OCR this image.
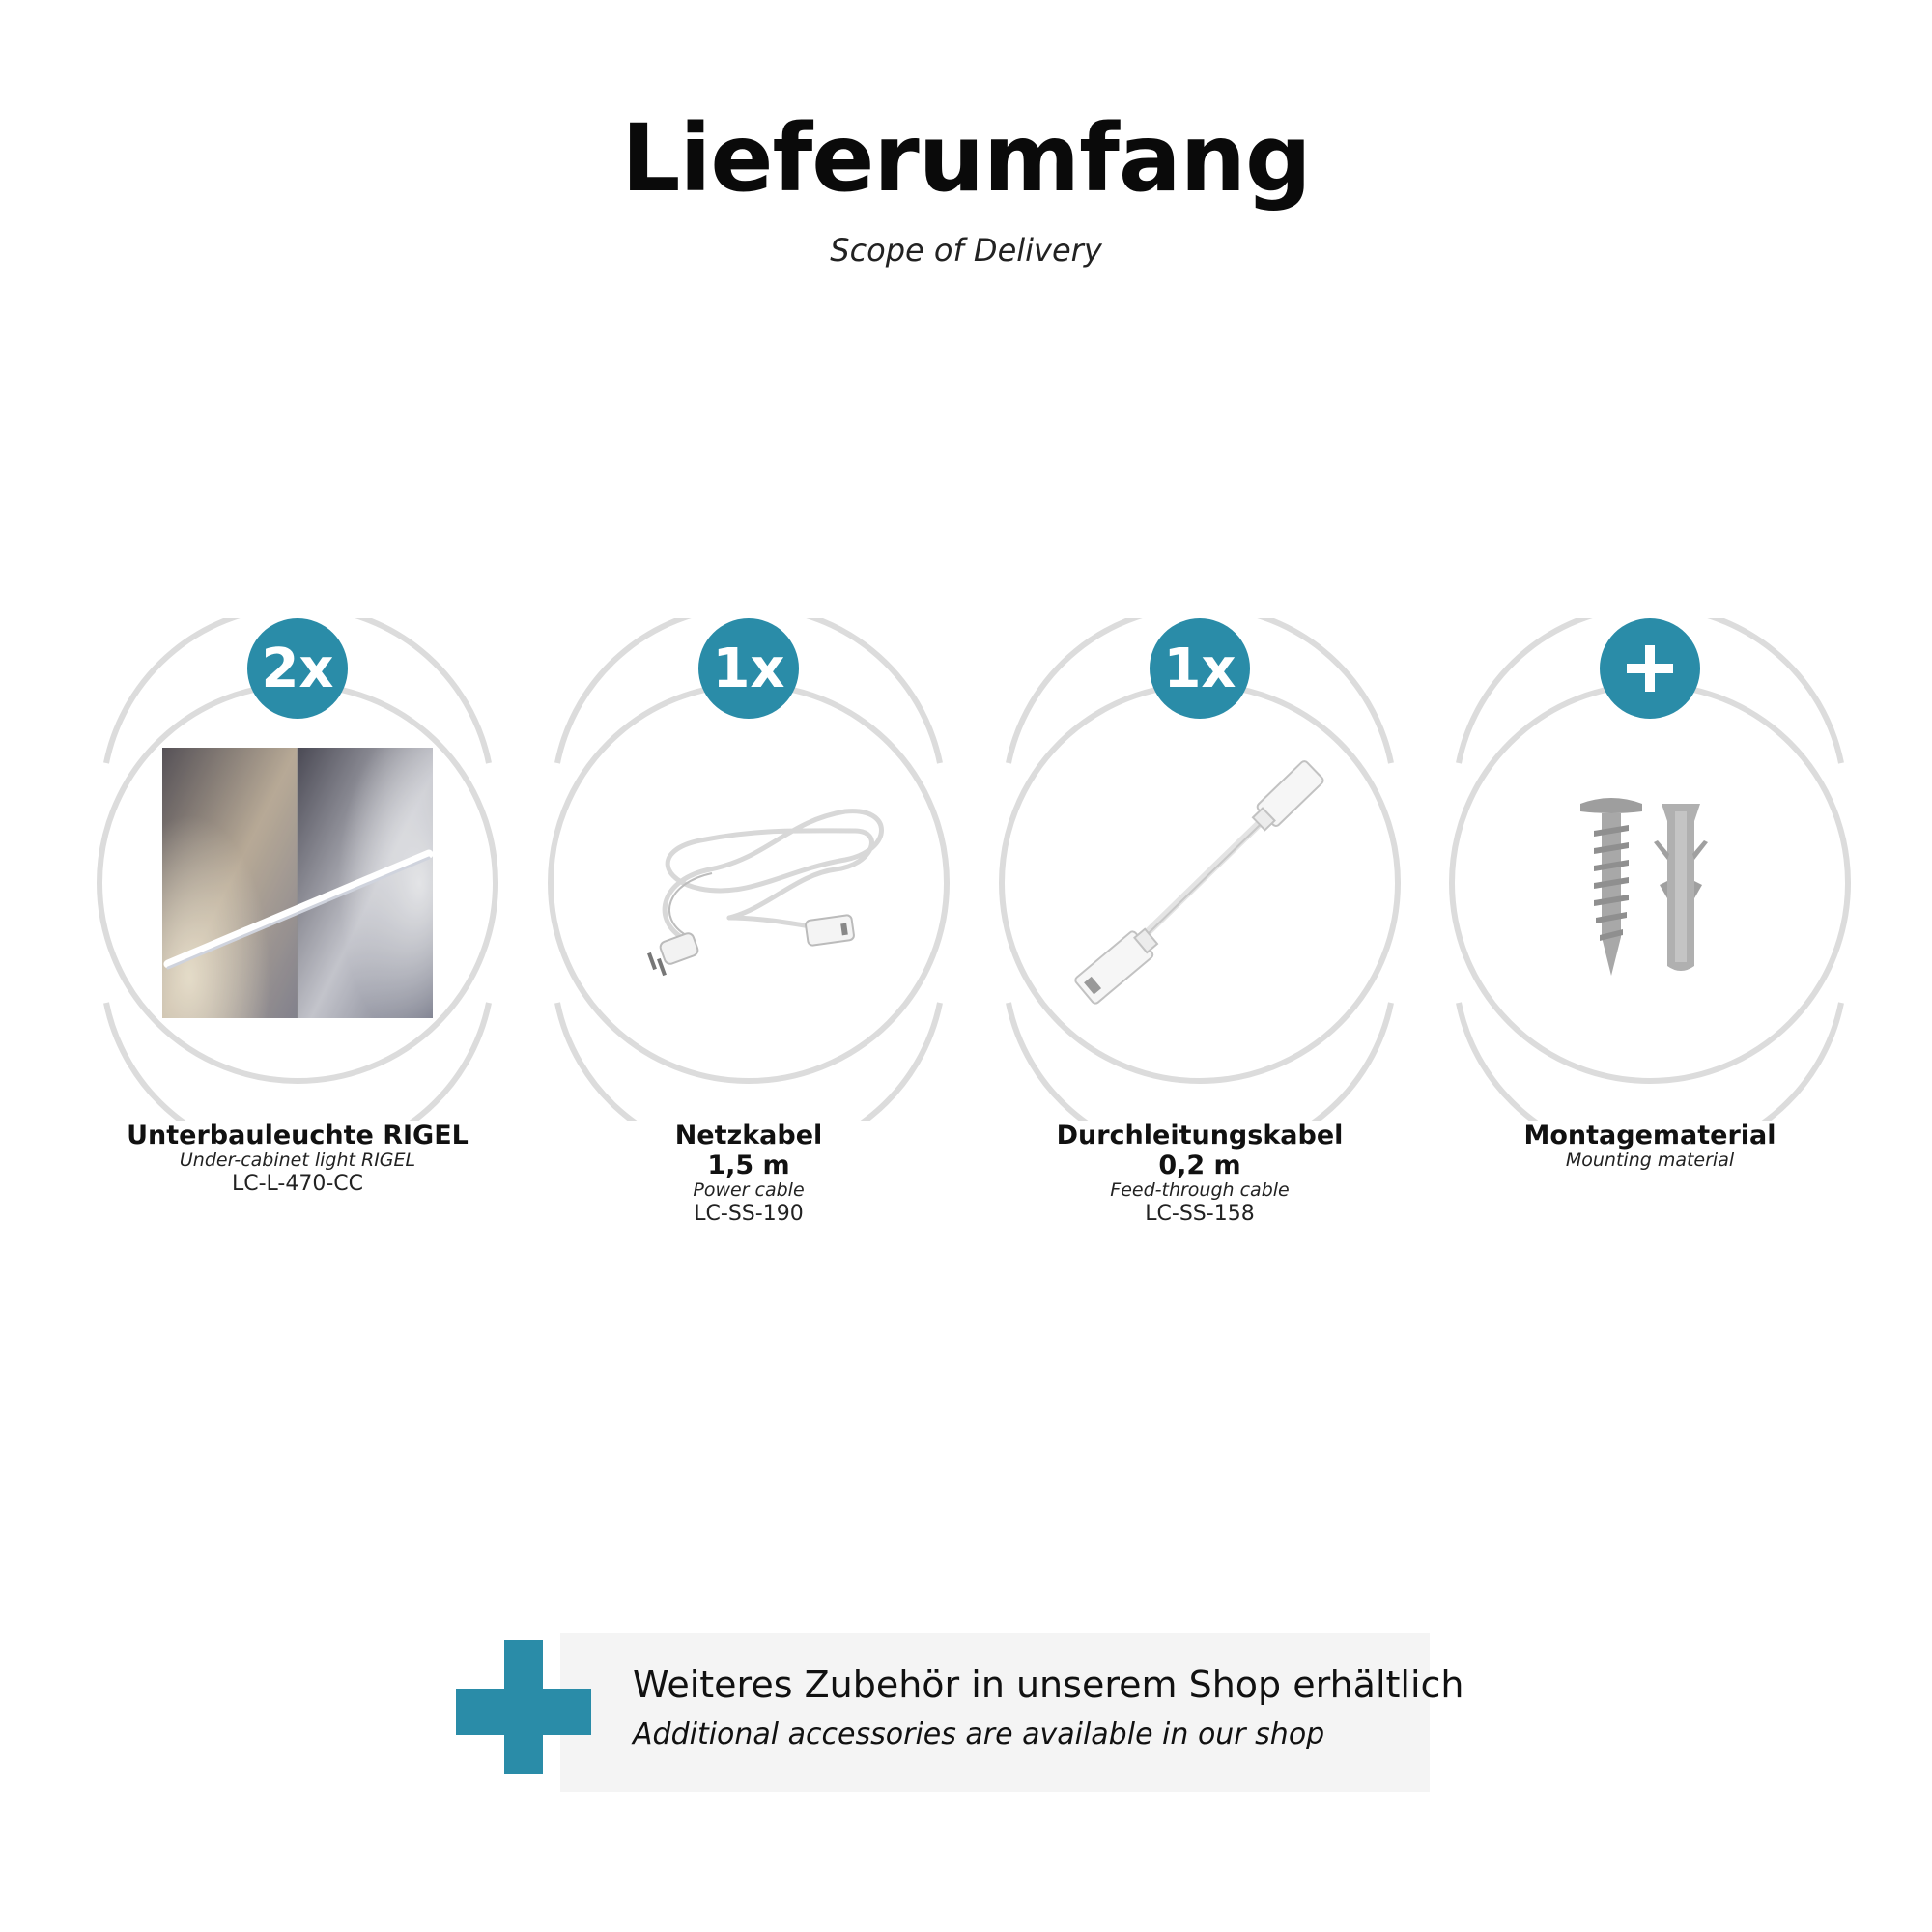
Lieferumfang
Scope of Delivery
2x
Unterbauleuchte RIGEL
Under-cabinet light RIGEL
LC-L-470-CC
1x
Netzkabel
1,5 m
Power cable
LC-SS-190
1x
Durchleitungskabel
0,2 m
Feed-through cable
LC-SS-158
Montagematerial
Mounting material
Weiteres Zubehör in unserem Shop erhältlich
Additional accessories are available in our shop
